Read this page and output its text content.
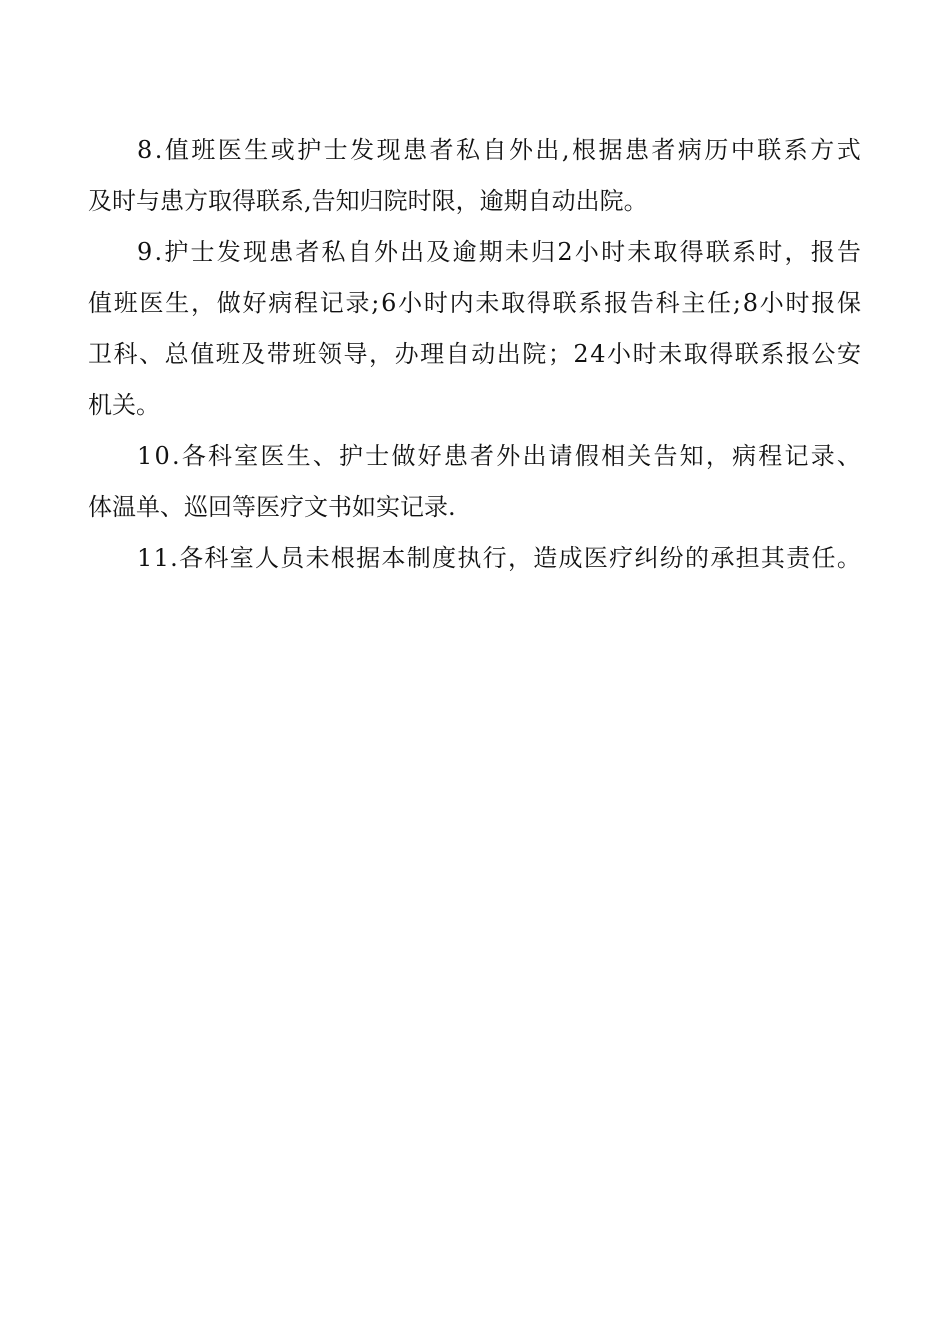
8 . 值 班 医 生 或 护 士 发 现 患 者 私 自 外 出 , 根 据 患 者 病 历 中 联 系 方 式
及时与患方取得联系,告知归院时限，逾期自动出院。
9 . 护 士 发 现 患 者 私 自 外 出 及 逾 期 未 归 2 小 时 未 取 得 联 系 时 ， 报 告
值 班 医 生 ， 做 好 病 程 记 录 ; 6 小 时 内 未 取 得 联 系 报 告 科 主 任 ; 8 小 时 报 保
卫 科 、 总 值 班 及 带 班 领 导 ， 办 理 自 动 出 院 ； 2 4 小 时 未 取 得 联 系 报 公 安
机关。
1 0 . 各 科 室 医 生 、 护 士 做 好 患 者 外 出 请 假 相 关 告 知 ， 病 程 记 录 、
体温单、巡回等医疗文书如实记录.
1 1 . 各 科 室 人 员 未 根 据 本 制 度 执 行 ， 造 成 医 疗 纠 纷 的 承 担 其 责 任 。
